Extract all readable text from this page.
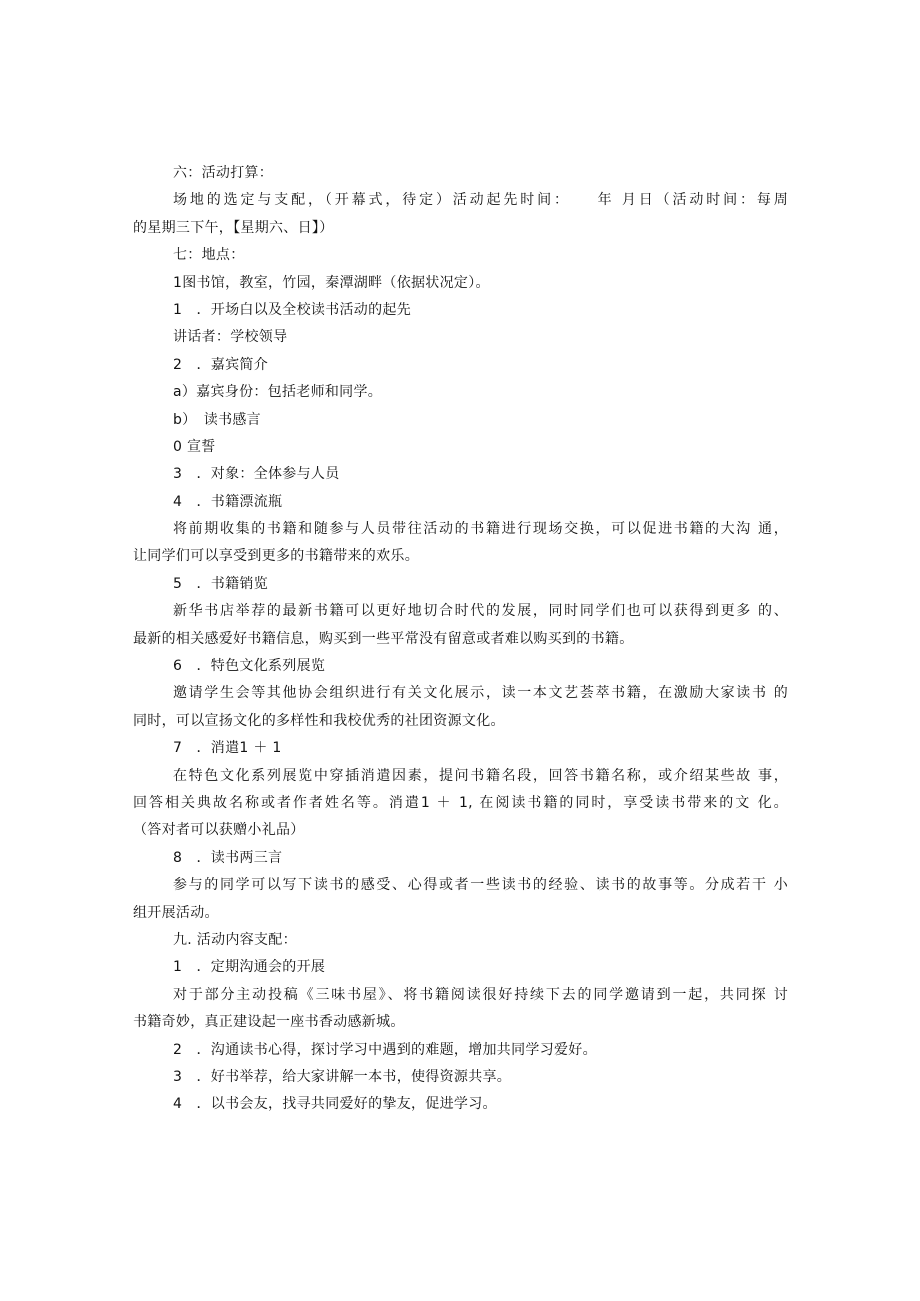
六：活动打算：
场地的选定与支配，（开幕式，待定）活动起先时间：　　年 月日（活动时间：每周
的星期三下午，【星期六、日】）
七：地点：
1图书馆，教室，竹园，秦潭湖畔（依据状况定）。
1　．开场白以及全校读书活动的起先
讲话者：学校领导
2　．嘉宾简介
a）嘉宾身份：包括老师和同学。
b）　读书感言
0 宣誓
3　．对象：全体参与人员
4　．书籍漂流瓶
将前期收集的书籍和随参与人员带往活动的书籍进行现场交换，可以促进书籍的大沟 通，
让同学们可以享受到更多的书籍带来的欢乐。
5　．书籍销览
新华书店举荐的最新书籍可以更好地切合时代的发展，同时同学们也可以获得到更多 的、
最新的相关感爱好书籍信息，购买到一些平常没有留意或者难以购买到的书籍。
6　．特色文化系列展览
邀请学生会等其他协会组织进行有关文化展示，读一本文艺荟萃书籍，在激励大家读书 的
同时，可以宣扬文化的多样性和我校优秀的社团资源文化。
7　．消遣1 ＋ 1
在特色文化系列展览中穿插消遣因素，提问书籍名段，回答书籍名称，或介绍某些故 事，
回答相关典故名称或者作者姓名等。消遣1 ＋ 1, 在阅读书籍的同时，享受读书带来的文 化。
（答对者可以获赠小礼品）
8　．读书两三言
参与的同学可以写下读书的感受、心得或者一些读书的经验、读书的故事等。分成若干 小
组开展活动。
九. 活动内容支配：
1　．定期沟通会的开展
对于部分主动投稿《三味书屋》、将书籍阅读很好持续下去的同学邀请到一起，共同探 讨
书籍奇妙，真正建设起一座书香动感新城。
2　．沟通读书心得，探讨学习中遇到的难题，增加共同学习爱好。
3　．好书举荐，给大家讲解一本书，使得资源共享。
4　．以书会友，找寻共同爱好的挚友，促进学习。
